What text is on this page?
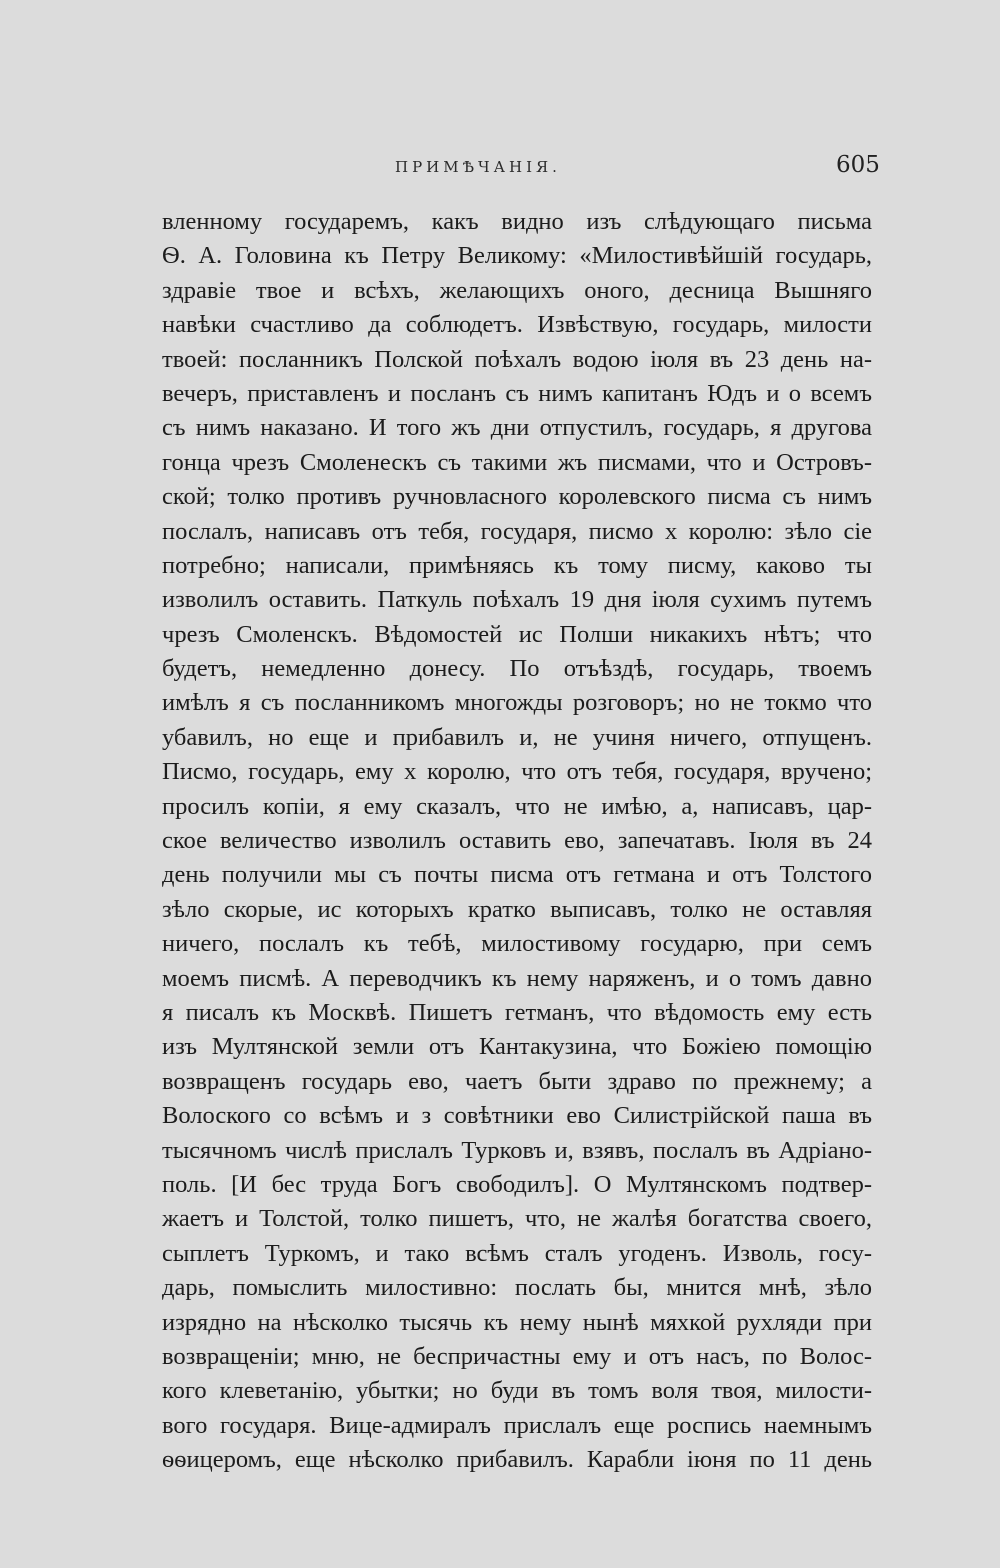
ПРИМѢЧАНІЯ.	605
вленному государемъ, какъ видно изъ слѣдующаго письма
Ѳ. А. Головина къ Петру Великому: «Милостивѣйшій государь,
здравіе твое и всѣхъ, желающихъ оного, десница Вышняго
навѣки счастливо да соблюдетъ. Извѣствую, государь, милости
твоей: посланникъ Полской поѣхалъ водою іюля въ 23 день на-
вечеръ, приставленъ и посланъ съ нимъ капитанъ Юдъ и о всемъ
съ нимъ наказано. И того жъ дни отпустилъ, государь, я другова
гонца чрезъ Смоленескъ съ такими жъ писмами, что и Островъ-
ской; толко противъ ручновласного королевского писма съ нимъ
послалъ, написавъ отъ тебя, государя, писмо х королю: зѣло сіе
потребно; написали, примѣняясь къ тому писму, каково ты
изволилъ оставить. Паткуль поѣхалъ 19 дня іюля сухимъ путемъ
чрезъ Смоленскъ. Вѣдомостей ис Полши никакихъ нѣтъ; что
будетъ, немедленно донесу. По отъѣздѣ, государь, твоемъ
имѣлъ я съ посланникомъ многожды розговоръ; но не токмо что
убавилъ, но еще и прибавилъ и, не учиня ничего, отпущенъ.
Писмо, государь, ему х королю, что отъ тебя, государя, вручено;
просилъ копіи, я ему сказалъ, что не имѣю, а, написавъ, цар-
ское величество изволилъ оставить ево, запечатавъ. Іюля въ 24
день получили мы съ почты писма отъ гетмана и отъ Толстого
зѣло скорые, ис которыхъ кратко выписавъ, толко не оставляя
ничего, послалъ къ тебѣ, милостивому государю, при семъ
моемъ писмѣ. А переводчикъ къ нему наряженъ, и о томъ давно
я писалъ къ Москвѣ. Пишетъ гетманъ, что вѣдомость ему есть
изъ Мултянской земли отъ Кантакузина, что Божіею помощію
возвращенъ государь ево, чаетъ быти здраво по прежнему; а
Волоского со всѣмъ и з совѣтники ево Силистрійской паша въ
тысячномъ числѣ прислалъ Турковъ и, взявъ, послалъ въ Адріано-
поль. [И бес труда Богъ свободилъ]. О Мултянскомъ подтвер-
жаетъ и Толстой, толко пишетъ, что, не жалѣя богатства своего,
сыплетъ Туркомъ, и тако всѣмъ сталъ угоденъ. Изволь, госу-
дарь, помыслить милостивно: послать бы, мнится мнѣ, зѣло
изрядно на нѣсколко тысячь къ нему нынѣ мяхкой рухляди при
возвращеніи; мню, не беспричастны ему и отъ насъ, по Волос-
кого клеветанію, убытки; но буди въ томъ воля твоя, милости-
вого государя. Вице-адмиралъ прислалъ еще роспись наемнымъ
ѳѳицеромъ, еще нѣсколко прибавилъ. Карабли іюня по 11 день
